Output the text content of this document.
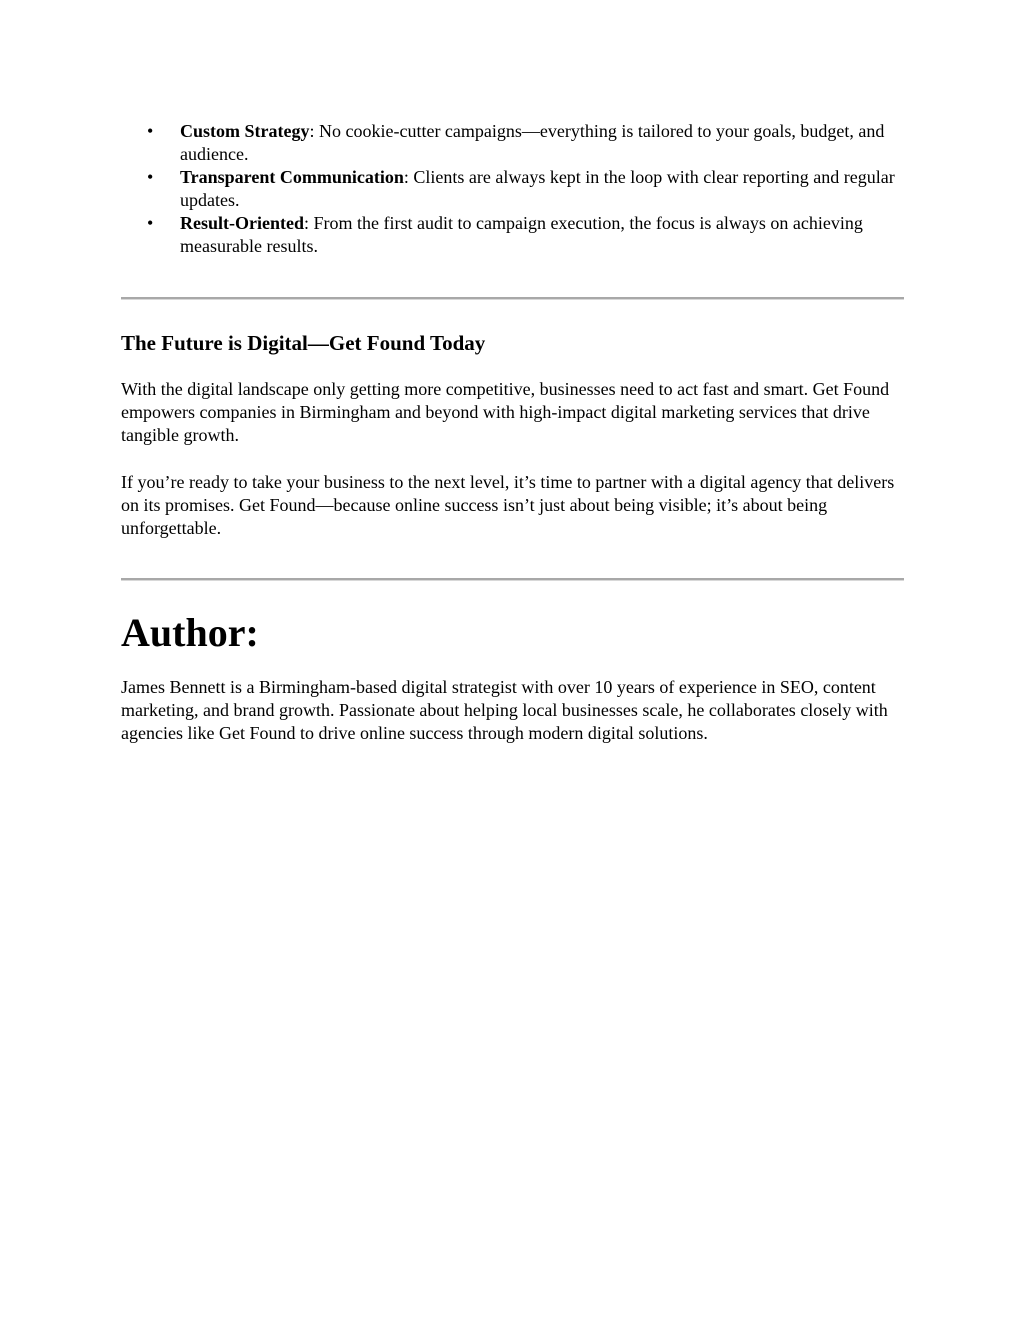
• Custom Strategy: No cookie-cutter campaigns—everything is tailored to your goals, budget, and audience.
• Transparent Communication: Clients are always kept in the loop with clear reporting and regular updates.
• Result-Oriented: From the first audit to campaign execution, the focus is always on achieving measurable results.
The Future is Digital—Get Found Today

With the digital landscape only getting more competitive, businesses need to act fast and smart. Get Found empowers companies in Birmingham and beyond with high-impact digital marketing services that drive tangible growth.

If you’re ready to take your business to the next level, it’s time to partner with a digital agency that delivers on its promises. Get Found—because online success isn’t just about being visible; it’s about being unforgettable.

Author:

James Bennett is a Birmingham-based digital strategist with over 10 years of experience in SEO, content marketing, and brand growth. Passionate about helping local businesses scale, he collaborates closely with agencies like Get Found to drive online success through modern digital solutions.
